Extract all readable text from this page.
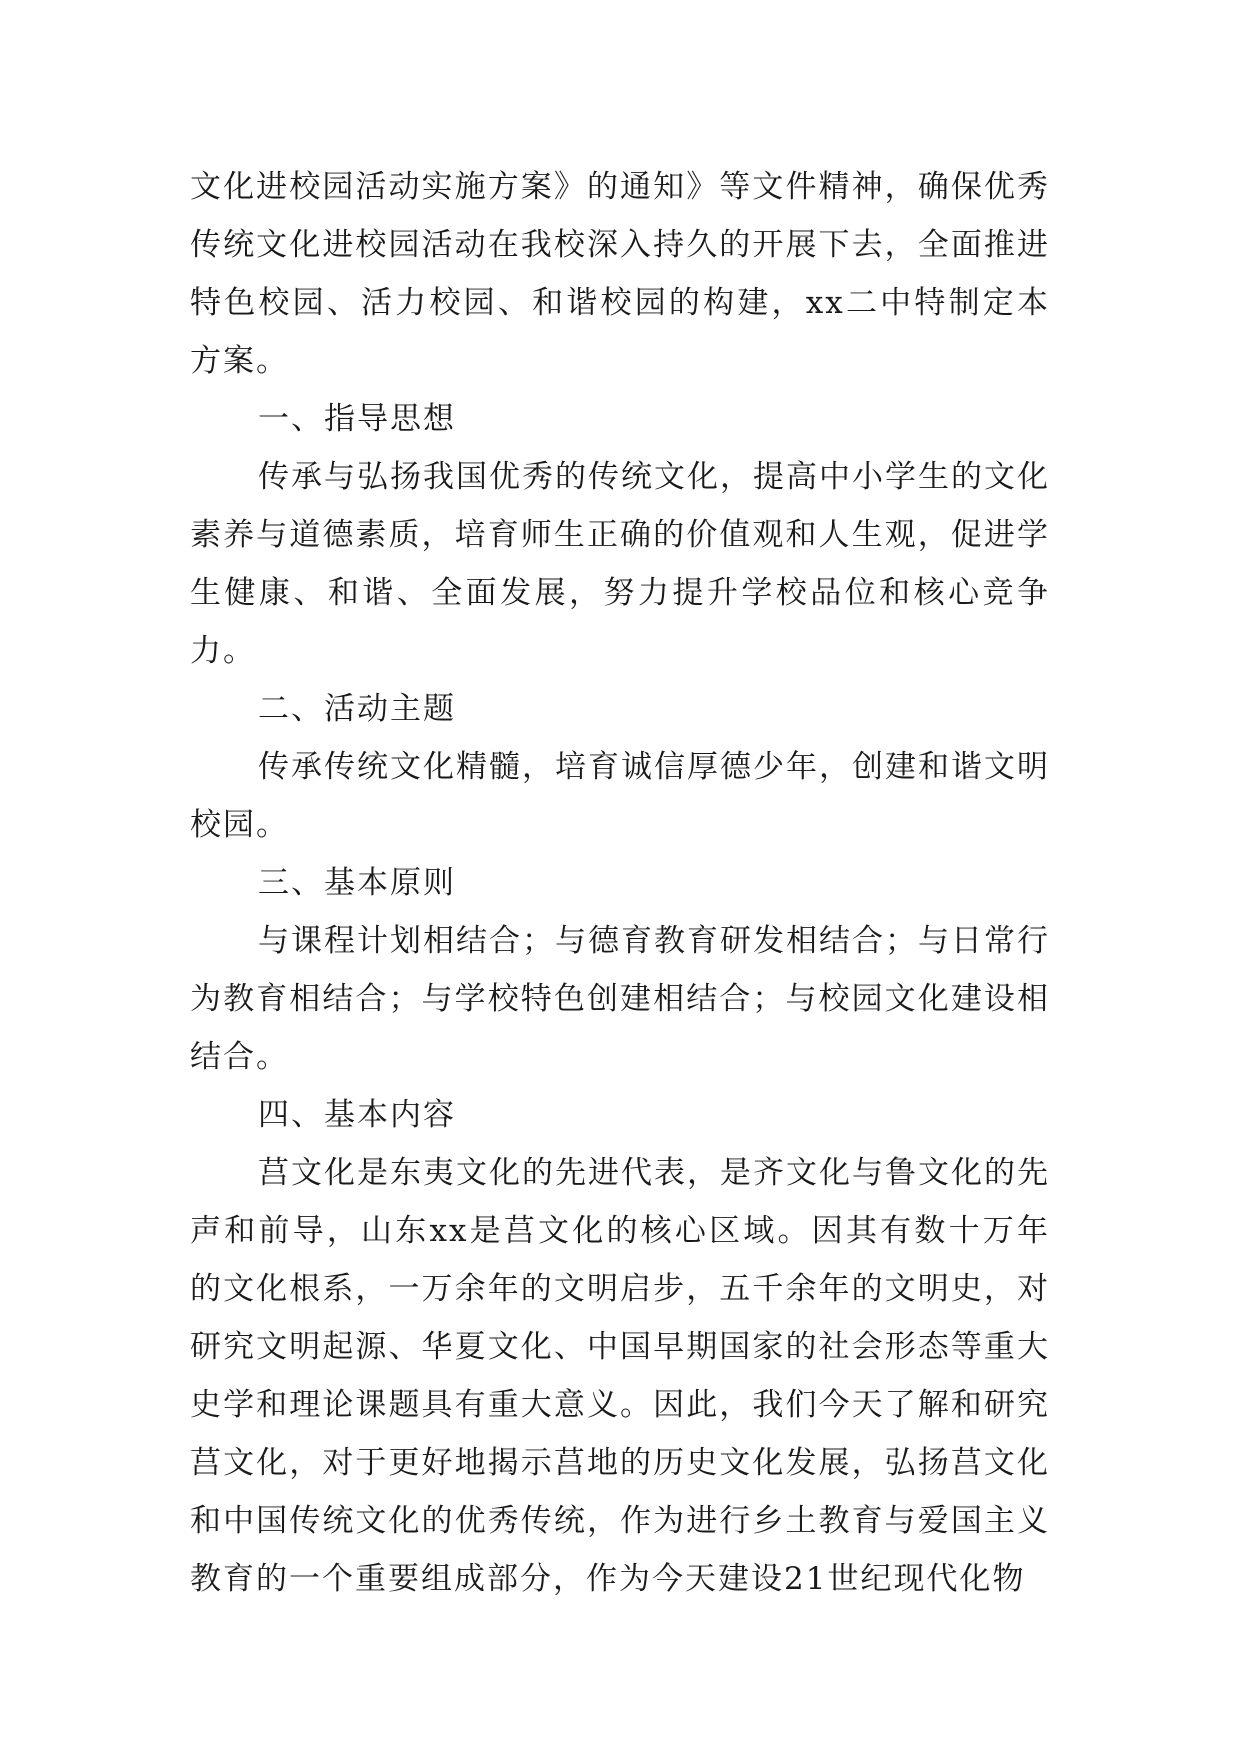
文化进校园活动实施方案》的通知》等文件精神，确保优秀传统文化进校园活动在我校深入持久的开展下去，全面推进特色校园、活力校园、和谐校园的构建，xx二中特制定本方案。

一、指导思想

传承与弘扬我国优秀的传统文化，提高中小学生的文化素养与道德素质，培育师生正确的价值观和人生观，促进学生健康、和谐、全面发展，努力提升学校品位和核心竞争力。

二、活动主题

传承传统文化精髓，培育诚信厚德少年，创建和谐文明校园。

三、基本原则

与课程计划相结合；与德育教育研发相结合；与日常行为教育相结合；与学校特色创建相结合；与校园文化建设相结合。

四、基本内容

莒文化是东夷文化的先进代表，是齐文化与鲁文化的先声和前导，山东xx是莒文化的核心区域。因其有数十万年的文化根系，一万余年的文明启步，五千余年的文明史，对研究文明起源、华夏文化、中国早期国家的社会形态等重大史学和理论课题具有重大意义。因此，我们今天了解和研究莒文化，对于更好地揭示莒地的历史文化发展，弘扬莒文化和中国传统文化的优秀传统，作为进行乡土教育与爱国主义教育的一个重要组成部分，作为今天建设21世纪现代化物
